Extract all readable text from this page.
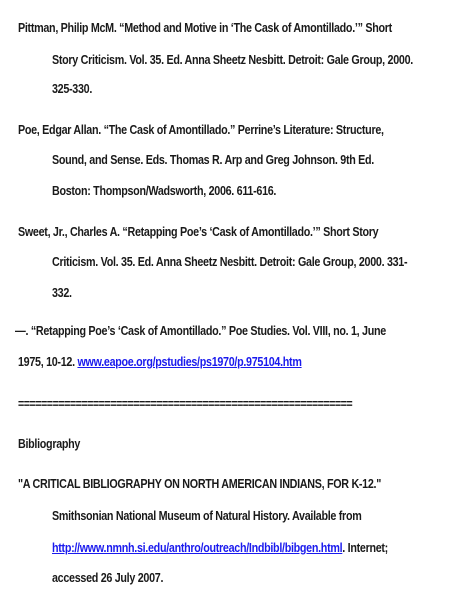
Pittman, Philip McM. “Method and Motive in ‘The Cask of Amontillado.’” Short
Story Criticism. Vol. 35. Ed. Anna Sheetz Nesbitt. Detroit: Gale Group, 2000.
325-330.
Poe, Edgar Allan. “The Cask of Amontillado.” Perrine’s Literature: Structure,
Sound, and Sense. Eds. Thomas R. Arp and Greg Johnson. 9th Ed.
Boston: Thompson/Wadsworth, 2006. 611-616.
Sweet, Jr., Charles A. “Retapping Poe’s ‘Cask of Amontillado.’” Short Story
Criticism. Vol. 35. Ed. Anna Sheetz Nesbitt. Detroit: Gale Group, 2000. 331-
332.
—. “Retapping Poe’s ‘Cask of Amontillado.” Poe Studies. Vol. VIII, no. 1, June
1975, 10-12. www.eapoe.org/pstudies/ps1970/p.975104.htm
==========================================================
Bibliography
"A CRITICAL BIBLIOGRAPHY ON NORTH AMERICAN INDIANS, FOR K-12."
Smithsonian National Museum of Natural History. Available from
http://www.nmnh.si.edu/anthro/outreach/Indbibl/bibgen.html. Internet;
accessed 26 July 2007.
